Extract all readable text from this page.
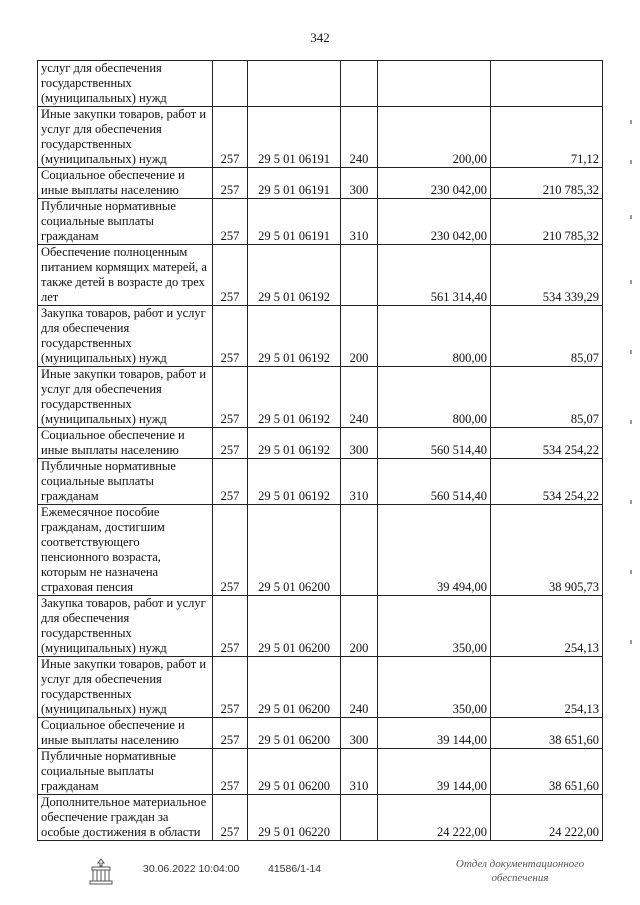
342
услуг для обеспечения государственных (муниципальных) нужд					
Иные закупки товаров, работ и услуг для обеспечения государственных (муниципальных) нужд	257	29 5 01 06191	240	200,00	71,12
Социальное обеспечение и иные выплаты населению	257	29 5 01 06191	300	230 042,00	210 785,32
Публичные нормативные социальные выплаты гражданам	257	29 5 01 06191	310	230 042,00	210 785,32
Обеспечение полноценным питанием кормящих матерей, а также детей в возрасте до трех лет	257	29 5 01 06192		561 314,40	534 339,29
Закупка товаров, работ и услуг для обеспечения государственных (муниципальных) нужд	257	29 5 01 06192	200	800,00	85,07
Иные закупки товаров, работ и услуг для обеспечения государственных (муниципальных) нужд	257	29 5 01 06192	240	800,00	85,07
Социальное обеспечение и иные выплаты населению	257	29 5 01 06192	300	560 514,40	534 254,22
Публичные нормативные социальные выплаты гражданам	257	29 5 01 06192	310	560 514,40	534 254,22
Ежемесячное пособие гражданам, достигшим соответствующего пенсионного возраста, которым не назначена страховая пенсия	257	29 5 01 06200		39 494,00	38 905,73
Закупка товаров, работ и услуг для обеспечения государственных (муниципальных) нужд	257	29 5 01 06200	200	350,00	254,13
Иные закупки товаров, работ и услуг для обеспечения государственных (муниципальных) нужд	257	29 5 01 06200	240	350,00	254,13
Социальное обеспечение и иные выплаты населению	257	29 5 01 06200	300	39 144,00	38 651,60
Публичные нормативные социальные выплаты гражданам	257	29 5 01 06200	310	39 144,00	38 651,60
Дополнительное материальное обеспечение граждан за особые достижения в области	257	29 5 01 06220		24 222,00	24 222,00
30.06.2022 10:04:00	41586/1-14	Отдел документационного
обеспечения
